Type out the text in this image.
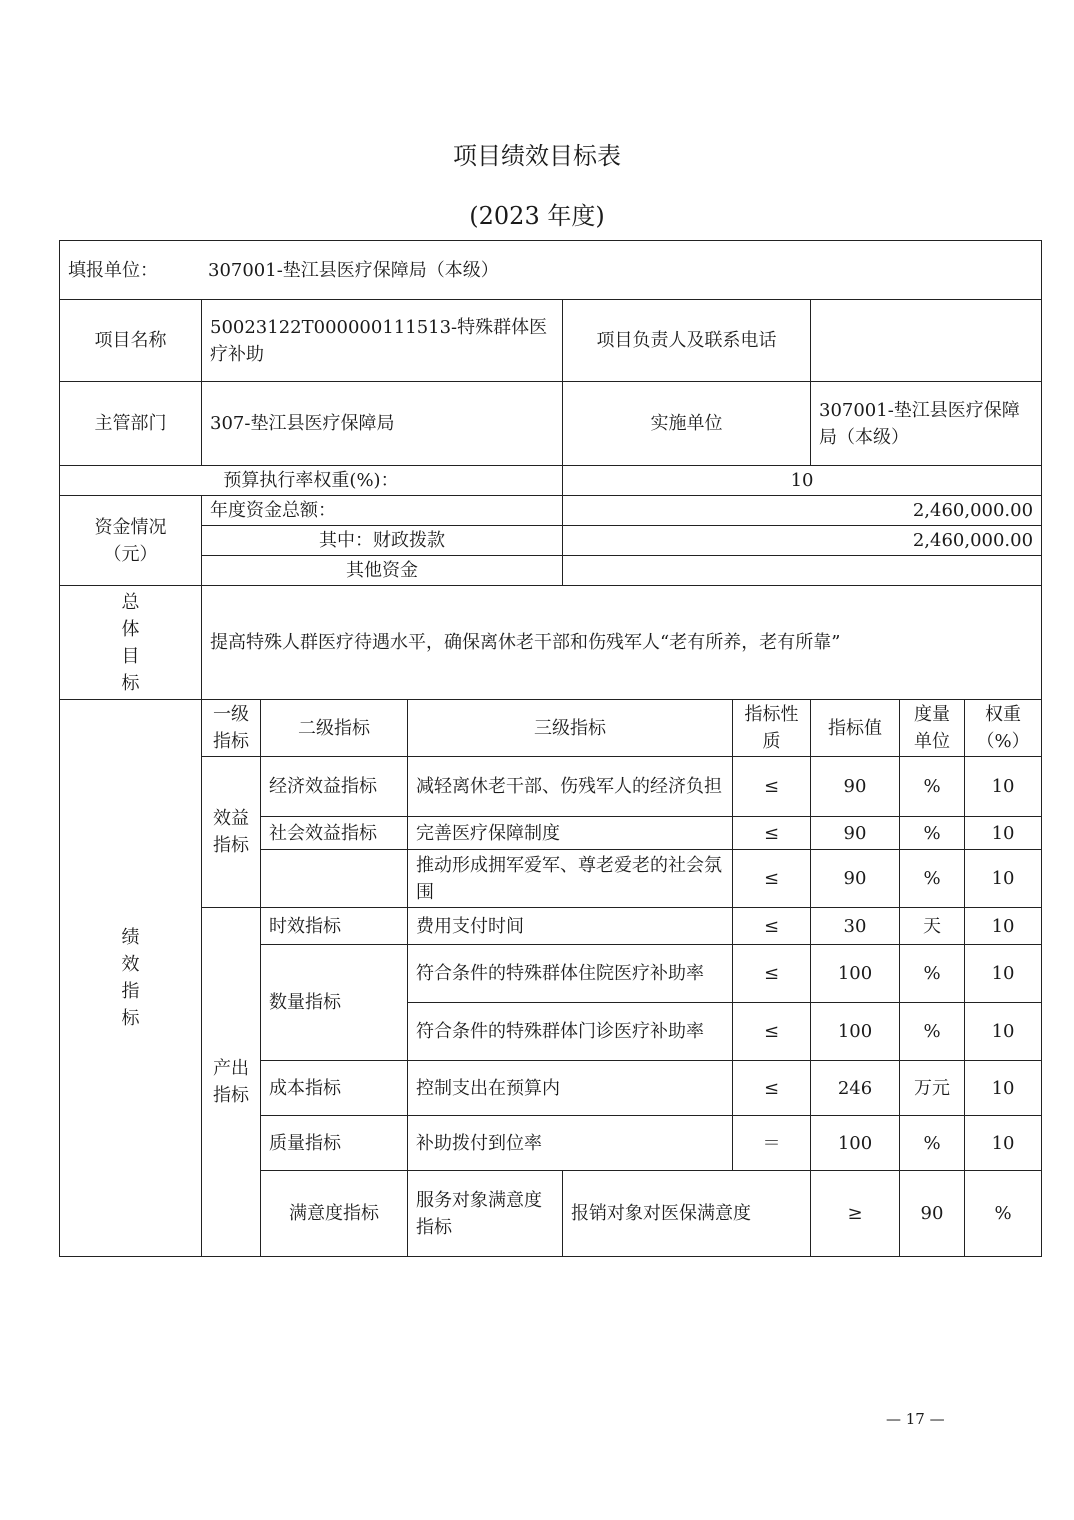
项目绩效目标表
(2023 年度)
填报单位： 307001-垫江县医疗保障局（本级）									
项目名称	50023122T000000111513-特殊群体医疗补助			项目负责人及联系电话					
主管部门	307-垫江县医疗保障局			实施单位		307001-垫江县医疗保障局（本级）			
预算执行率权重(%)：				10					

资金情况
（元）	年度资金总额：			2,460,000.00					
	其中：财政拨款			2,460,000.00					
	其他资金								

总
体
目
标	提高特殊人群医疗待遇水平，确保离休老干部和伤残军人“老有所养，老有所靠”								

绩
效
指
标	一级指标	二级指标	三级指标		指标性质	指标值	度量单位	权重（%）	
	效益指标	经济效益指标	减轻离休老干部、伤残军人的经济负担		≤	90	%	10	
		社会效益指标	完善医疗保障制度		≤	90	%	10	
			推动形成拥军爱军、尊老爱老的社会氛围		≤	90	%	10	
	产出指标	时效指标	费用支付时间		≤	30	天	10	
		数量指标	符合条件的特殊群体住院医疗补助率		≤	100	%	10	
			符合条件的特殊群体门诊医疗补助率		≤	100	%	10	
		成本指标	控制支出在预算内		≤	246	万元	10	
		质量指标	补助拨付到位率		＝	100	%	10	
		满意度指标	服务对象满意度指标	报销对象对医保满意度		≥	90	%	
— 17 —
